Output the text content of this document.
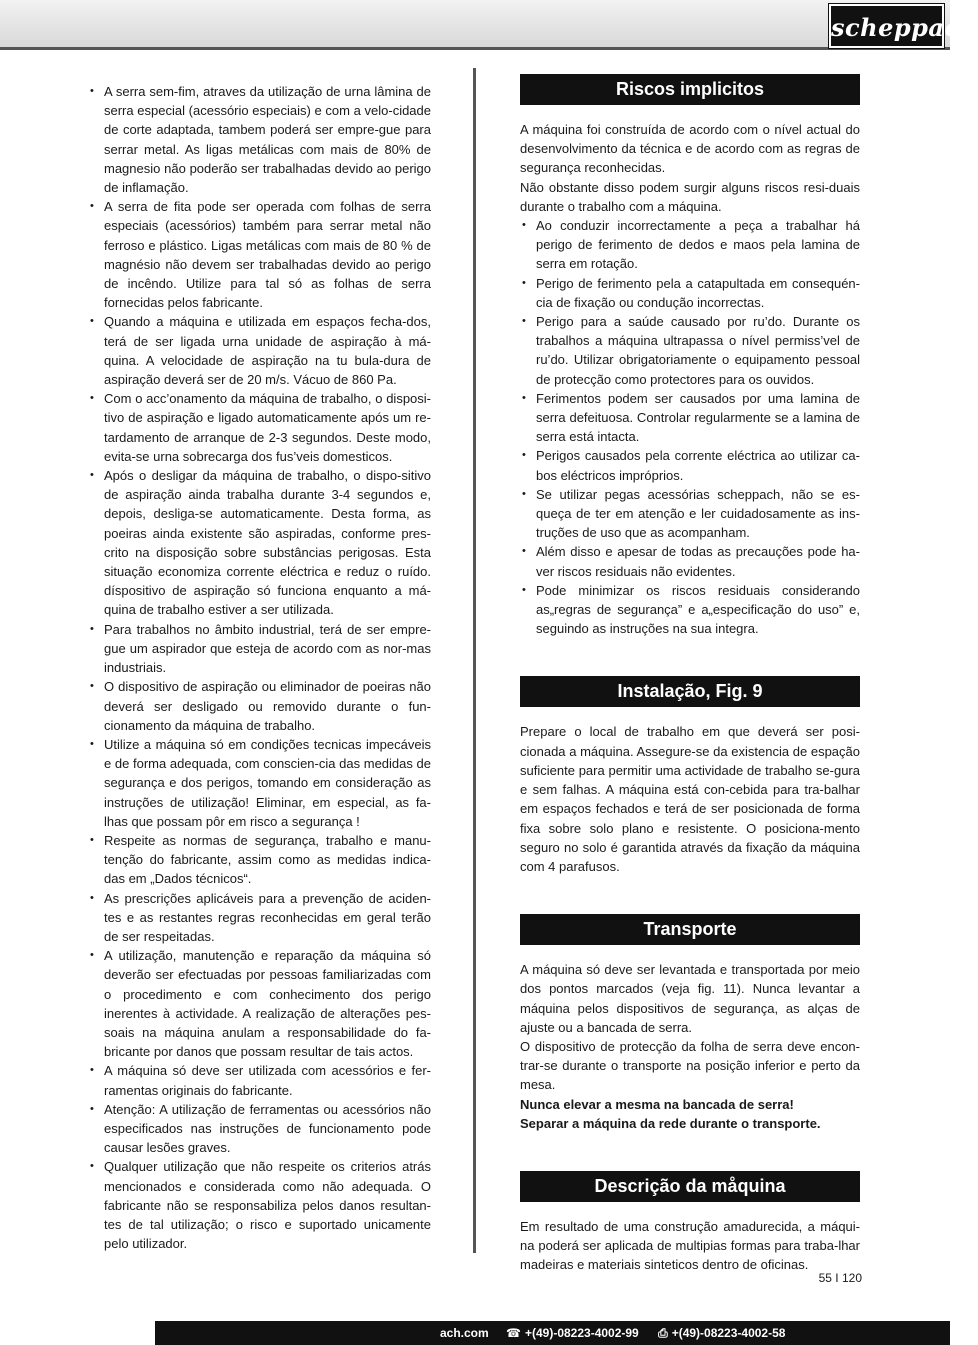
scheppach
• A serra sem-fim, atraves da utilização de urna lâmina de serra especial (acessório especiais) e com a velo-cidade de corte adaptada, tambem poderá ser empre-gue para serrar metal. As ligas metálicas com mais de 80% de magnesio não poderão ser trabalhadas devido ao perigo de inflamação.
• A serra de fita pode ser operada com folhas de serra especiais (acessórios) também para serrar metal não ferroso e plástico. Ligas metálicas com mais de 80 % de magnésio não devem ser trabalhadas devido ao perigo de incêndo. Utilize para tal só as folhas de serra fornecidas pelos fabricante.
• Quando a máquina e utilizada em espaços fecha-dos, terá de ser ligada urna unidade de aspiração à má-quina. A velocidade de aspiração na tu bula-dura de aspiração deverá ser de 20 m/s. Vácuo de 860 Pa.
• Com o acc’onamento da máquina de trabalho, o disposi-tivo de aspiração e ligado automaticamente após um re-tardamento de arranque de 2-3 segundos. Deste modo, evita-se urna sobrecarga dos fus’veis domesticos.
• Após o desligar da máquina de trabalho, o dispo-sitivo de aspiração ainda trabalha durante 3-4 segundos e, depois, desliga-se automaticamente. Desta forma, as poeiras ainda existente são aspiradas, conforme pres-crito na disposição sobre substâncias perigosas. Esta situação economiza corrente eléctrica e reduz o ruído. díspositivo de aspiração só funciona enquanto a má-quina de trabalho estiver a ser utilizada.
• Para trabalhos no âmbito industrial, terá de ser empre-gue um aspirador que esteja de acordo com as nor-mas industriais.
• O dispositivo de aspiração ou eliminador de poeiras não deverá ser desligado ou removido durante o fun-cionamento da máquina de trabalho.
• Utilize a máquina só em condições tecnicas impecáveis e de forma adequada, com conscien-cia das medidas de segurança e dos perigos, tomando em consideração as instruções de utilização! Eliminar, em especial, as fa-lhas que possam pôr em risco a segurança !
• Respeite as normas de segurança, trabalho e manu-tenção do fabricante, assim como as medidas indica-das em „Dados técnicos“.
• As prescrições aplicáveis para a prevenção de aciden-tes e as restantes regras reconhecidas em geral terão de ser respeitadas.
• A utilização, manutenção e reparação da máquina só deverão ser efectuadas por pessoas familiarizadas com o procedimento e com conhecimento dos perigo inerentes à actividade. A realização de alterações pes-soais na máquina anulam a responsabilidade do fa-bricante por danos que possam resultar de tais actos.
• A máquina só deve ser utilizada com acessórios e fer-ramentas originais do fabricante.
• Atenção: A utilização de ferramentas ou acessórios não especificados nas instruções de funcionamento pode causar lesões graves.
• Qualquer utilização que não respeite os criterios atrás mencionados e considerada como não adequada. O fabricante não se responsabiliza pelos danos resultan-tes de tal utilização; o risco e suportado unicamente pelo utilizador.
Riscos implicitos

A máquina foi construída de acordo com o nível actual do desenvolvimento da técnica e de acordo com as regras de segurança reconhecidas.

Não obstante disso podem surgir alguns riscos resi-duais durante o trabalho com a máquina.

• Ao conduzir incorrectamente a peça a trabalhar há perigo de ferimento de dedos e maos pela lamina de serra em rotação.
• Perigo de ferimento pela a catapultada em consequén-cia de fixação ou condução incorrectas.
• Perigo para a saúde causado por ru’do. Durante os trabalhos a máquina ultrapassa o nível permiss’vel de ru’do. Utilizar obrigatoriamente o equipamento pessoal de protecção como protectores para os ouvidos.
• Ferimentos podem ser causados por uma lamina de serra defeituosa. Controlar regularmente se a lamina de serra está intacta.
• Perigos causados pela corrente eléctrica ao utilizar ca-bos eléctricos impróprios.
• Se utilizar pegas acessórias scheppach, não se es-queça de ter em atenção e ler cuidadosamente as ins-truções de uso que as acompanham.
• Além disso e apesar de todas as precauções pode ha-ver riscos residuais não evidentes.
• Pode minimizar os riscos residuais considerando as„regras de segurança” e a„especificação do uso” e, seguindo as instruções na sua integra.
Instalação, Fig. 9

Prepare o local de trabalho em que deverá ser posi-cionada a máquina. Assegure-se da existencia de espação suficiente para permitir uma actividade de trabalho se-gura e sem falhas. A máquina está con-cebida para tra-balhar em espaços fechados e terá de ser posicionada de forma fixa sobre solo plano e resistente. O posiciona-mento seguro no solo é garantida através da fixação da máquina com 4 parafusos.

Transporte

A máquina só deve ser levantada e transportada por meio dos pontos marcados (veja fig. 11). Nunca levantar a máquina pelos dispositivos de segurança, as alças de ajuste ou a bancada de serra.

O dispositivo de protecção da folha de serra deve encon-trar-se durante o transporte na posição inferior e perto da mesa.

Nunca elevar a mesma na bancada de serra!

Separar a máquina da rede durante o transporte.

Descrição da måquina

Em resultado de uma construção amadurecida, a máqui-na poderá ser aplicada de multipias formas para traba-lhar madeiras e materiais sinteticos dentro de oficinas.

55 I 120
ach.com ☎ +(49)-08223-4002-99 ⎙ +(49)-08223-4002-58
